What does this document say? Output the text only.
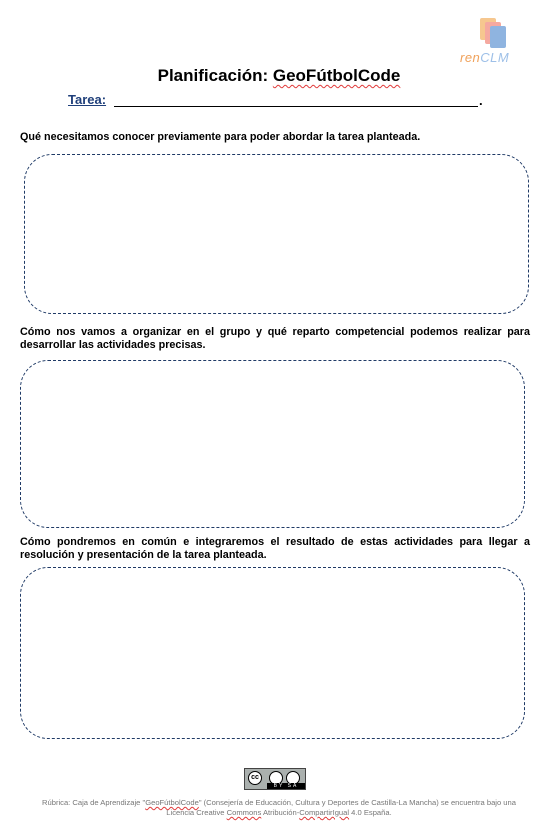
renCLM
Planificación: GeoFútbolCode
Tarea:	.
Qué necesitamos conocer previamente para poder abordar la tarea planteada.
Cómo nos vamos a organizar en el grupo y qué reparto competencial podemos realizar para desarrollar las actividades precisas.
Cómo pondremos en común e integraremos el resultado de estas actividades para llegar a resolución y presentación de la tarea planteada.
cc
BY SA
Rúbrica: Caja de Aprendizaje "GeoFútbolCode" (Consejería de Educación, Cultura y Deportes de Castilla-La Mancha) se encuentra bajo una
Licencia Creative Commons Atribución-CompartirIgual 4.0 España.
